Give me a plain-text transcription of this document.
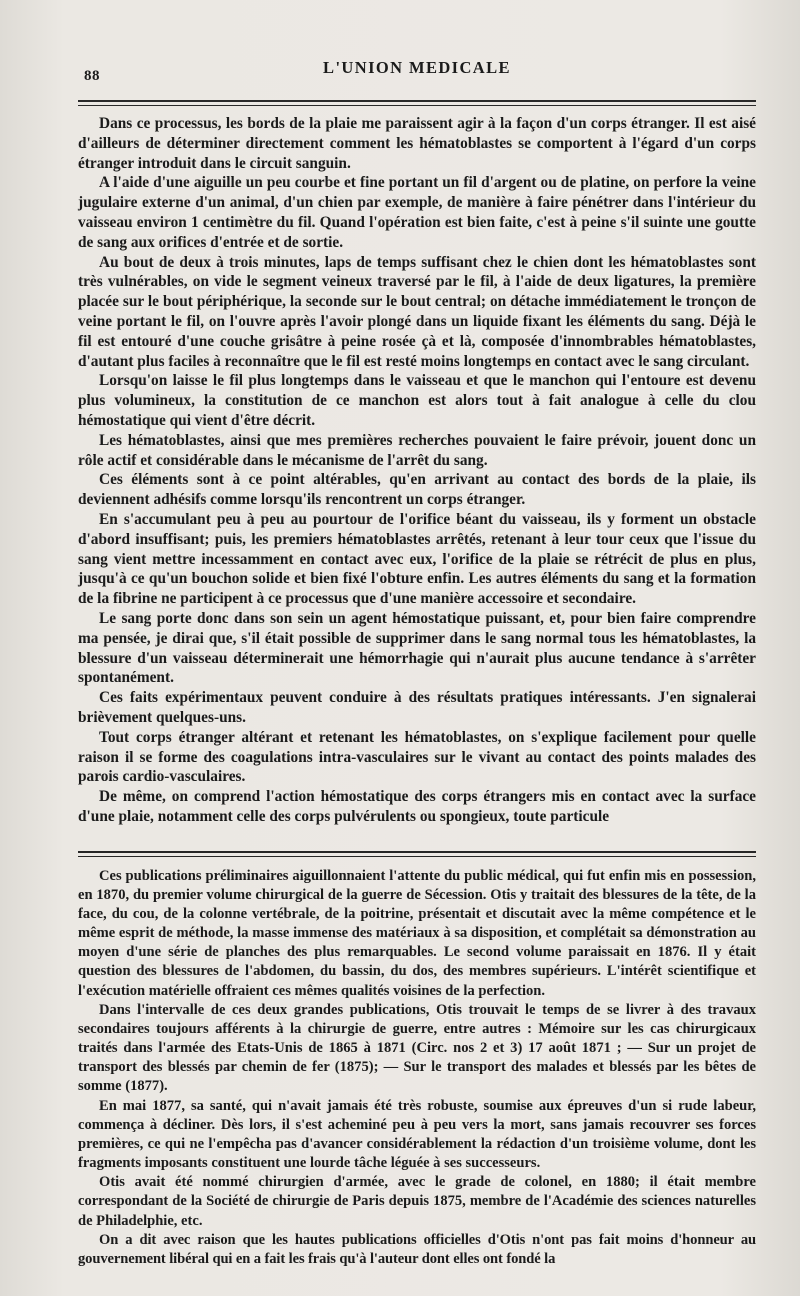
88	L'UNION MEDICALE

Dans ce processus, les bords de la plaie me paraissent agir à la façon d'un corps étranger. Il est aisé d'ailleurs de déterminer directement comment les hématoblastes se comportent à l'égard d'un corps étranger introduit dans le circuit sanguin.

A l'aide d'une aiguille un peu courbe et fine portant un fil d'argent ou de platine, on perfore la veine jugulaire externe d'un animal, d'un chien par exemple, de manière à faire pénétrer dans l'intérieur du vaisseau environ 1 centimètre du fil. Quand l'opération est bien faite, c'est à peine s'il suinte une goutte de sang aux orifices d'entrée et de sortie.

Au bout de deux à trois minutes, laps de temps suffisant chez le chien dont les hématoblastes sont très vulnérables, on vide le segment veineux traversé par le fil, à l'aide de deux ligatures, la première placée sur le bout périphérique, la seconde sur le bout central; on détache immédiatement le tronçon de veine portant le fil, on l'ouvre après l'avoir plongé dans un liquide fixant les éléments du sang. Déjà le fil est entouré d'une couche grisâtre à peine rosée çà et là, composée d'innombrables hématoblastes, d'autant plus faciles à reconnaître que le fil est resté moins longtemps en contact avec le sang circulant.

Lorsqu'on laisse le fil plus longtemps dans le vaisseau et que le manchon qui l'entoure est devenu plus volumineux, la constitution de ce manchon est alors tout à fait analogue à celle du clou hémostatique qui vient d'être décrit.

Les hématoblastes, ainsi que mes premières recherches pouvaient le faire prévoir, jouent donc un rôle actif et considérable dans le mécanisme de l'arrêt du sang.

Ces éléments sont à ce point altérables, qu'en arrivant au contact des bords de la plaie, ils deviennent adhésifs comme lorsqu'ils rencontrent un corps étranger.

En s'accumulant peu à peu au pourtour de l'orifice béant du vaisseau, ils y forment un obstacle d'abord insuffisant; puis, les premiers hématoblastes arrêtés, retenant à leur tour ceux que l'issue du sang vient mettre incessamment en contact avec eux, l'orifice de la plaie se rétrécit de plus en plus, jusqu'à ce qu'un bouchon solide et bien fixé l'obture enfin. Les autres éléments du sang et la formation de la fibrine ne participent à ce processus que d'une manière accessoire et secondaire.

Le sang porte donc dans son sein un agent hémostatique puissant, et, pour bien faire comprendre ma pensée, je dirai que, s'il était possible de supprimer dans le sang normal tous les hématoblastes, la blessure d'un vaisseau déterminerait une hémorrhagie qui n'aurait plus aucune tendance à s'arrêter spontanément.

Ces faits expérimentaux peuvent conduire à des résultats pratiques intéressants. J'en signalerai brièvement quelques-uns.

Tout corps étranger altérant et retenant les hématoblastes, on s'explique facilement pour quelle raison il se forme des coagulations intra-vasculaires sur le vivant au contact des points malades des parois cardio-vasculaires.

De même, on comprend l'action hémostatique des corps étrangers mis en contact avec la surface d'une plaie, notamment celle des corps pulvérulents ou spongieux, toute particule

Ces publications préliminaires aiguillonnaient l'attente du public médical, qui fut enfin mis en possession, en 1870, du premier volume chirurgical de la guerre de Sécession. Otis y traitait des blessures de la tête, de la face, du cou, de la colonne vertébrale, de la poitrine, présentait et discutait avec la même compétence et le même esprit de méthode, la masse immense des matériaux à sa disposition, et complétait sa démonstration au moyen d'une série de planches des plus remarquables. Le second volume paraissait en 1876. Il y était question des blessures de l'abdomen, du bassin, du dos, des membres supérieurs. L'intérêt scientifique et l'exécution matérielle offraient ces mêmes qualités voisines de la perfection.

Dans l'intervalle de ces deux grandes publications, Otis trouvait le temps de se livrer à des travaux secondaires toujours afférents à la chirurgie de guerre, entre autres : Mémoire sur les cas chirurgicaux traités dans l'armée des Etats-Unis de 1865 à 1871 (Circ. nos 2 et 3) 17 août 1871 ; — Sur un projet de transport des blessés par chemin de fer (1875); — Sur le transport des malades et blessés par les bêtes de somme (1877).

En mai 1877, sa santé, qui n'avait jamais été très robuste, soumise aux épreuves d'un si rude labeur, commença à décliner. Dès lors, il s'est acheminé peu à peu vers la mort, sans jamais recouvrer ses forces premières, ce qui ne l'empêcha pas d'avancer considérablement la rédaction d'un troisième volume, dont les fragments imposants constituent une lourde tâche léguée à ses successeurs.

Otis avait été nommé chirurgien d'armée, avec le grade de colonel, en 1880; il était membre correspondant de la Société de chirurgie de Paris depuis 1875, membre de l'Académie des sciences naturelles de Philadelphie, etc.

On a dit avec raison que les hautes publications officielles d'Otis n'ont pas fait moins d'honneur au gouvernement libéral qui en a fait les frais qu'à l'auteur dont elles ont fondé la
